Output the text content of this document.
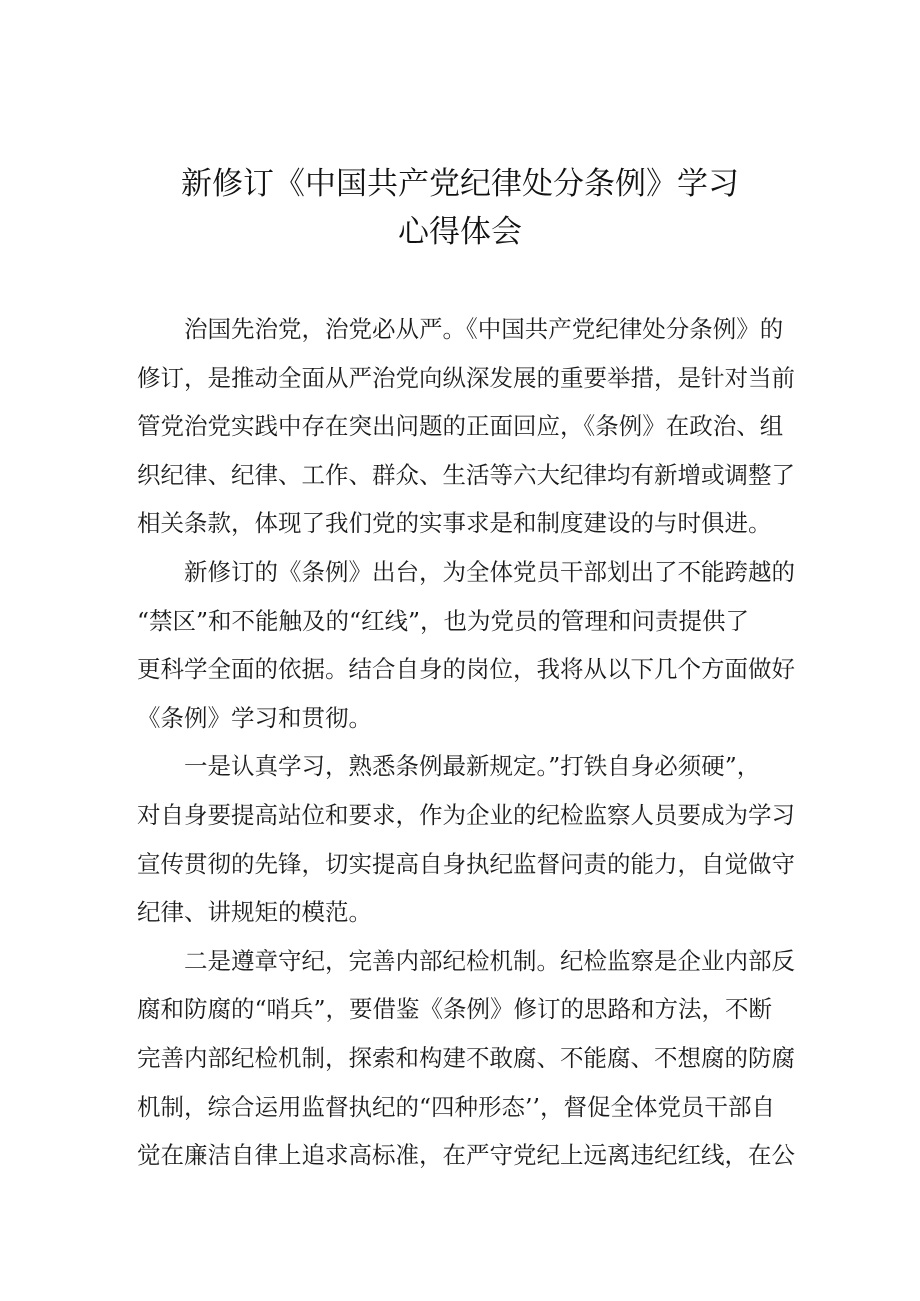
新修订《中国共产党纪律处分条例》学习
心得体会
治国先治党，治党必从严。《中国共产党纪律处分条例》的
修订，是推动全面从严治党向纵深发展的重要举措，是针对当前
管党治党实践中存在突出问题的正面回应，《条例》在政治、组
织纪律、纪律、工作、群众、生活等六大纪律均有新增或调整了
相关条款，体现了我们党的实事求是和制度建设的与时俱进。
新修订的《条例》出台，为全体党员干部划出了不能跨越的
“禁区”和不能触及的“红线”，也为党员的管理和问责提供了
更科学全面的依据。结合自身的岗位，我将从以下几个方面做好
《条例》学习和贯彻。
一是认真学习，熟悉条例最新规定。”打铁自身必须硬”，
对自身要提高站位和要求，作为企业的纪检监察人员要成为学习
宣传贯彻的先锋，切实提高自身执纪监督问责的能力，自觉做守
纪律、讲规矩的模范。
二是遵章守纪，完善内部纪检机制。纪检监察是企业内部反
腐和防腐的“哨兵”，要借鉴《条例》修订的思路和方法，不断
完善内部纪检机制，探索和构建不敢腐、不能腐、不想腐的防腐
机制，综合运用监督执纪的“四种形态’’，督促全体党员干部自
觉在廉洁自律上追求高标准，在严守党纪上远离违纪红线，在公
